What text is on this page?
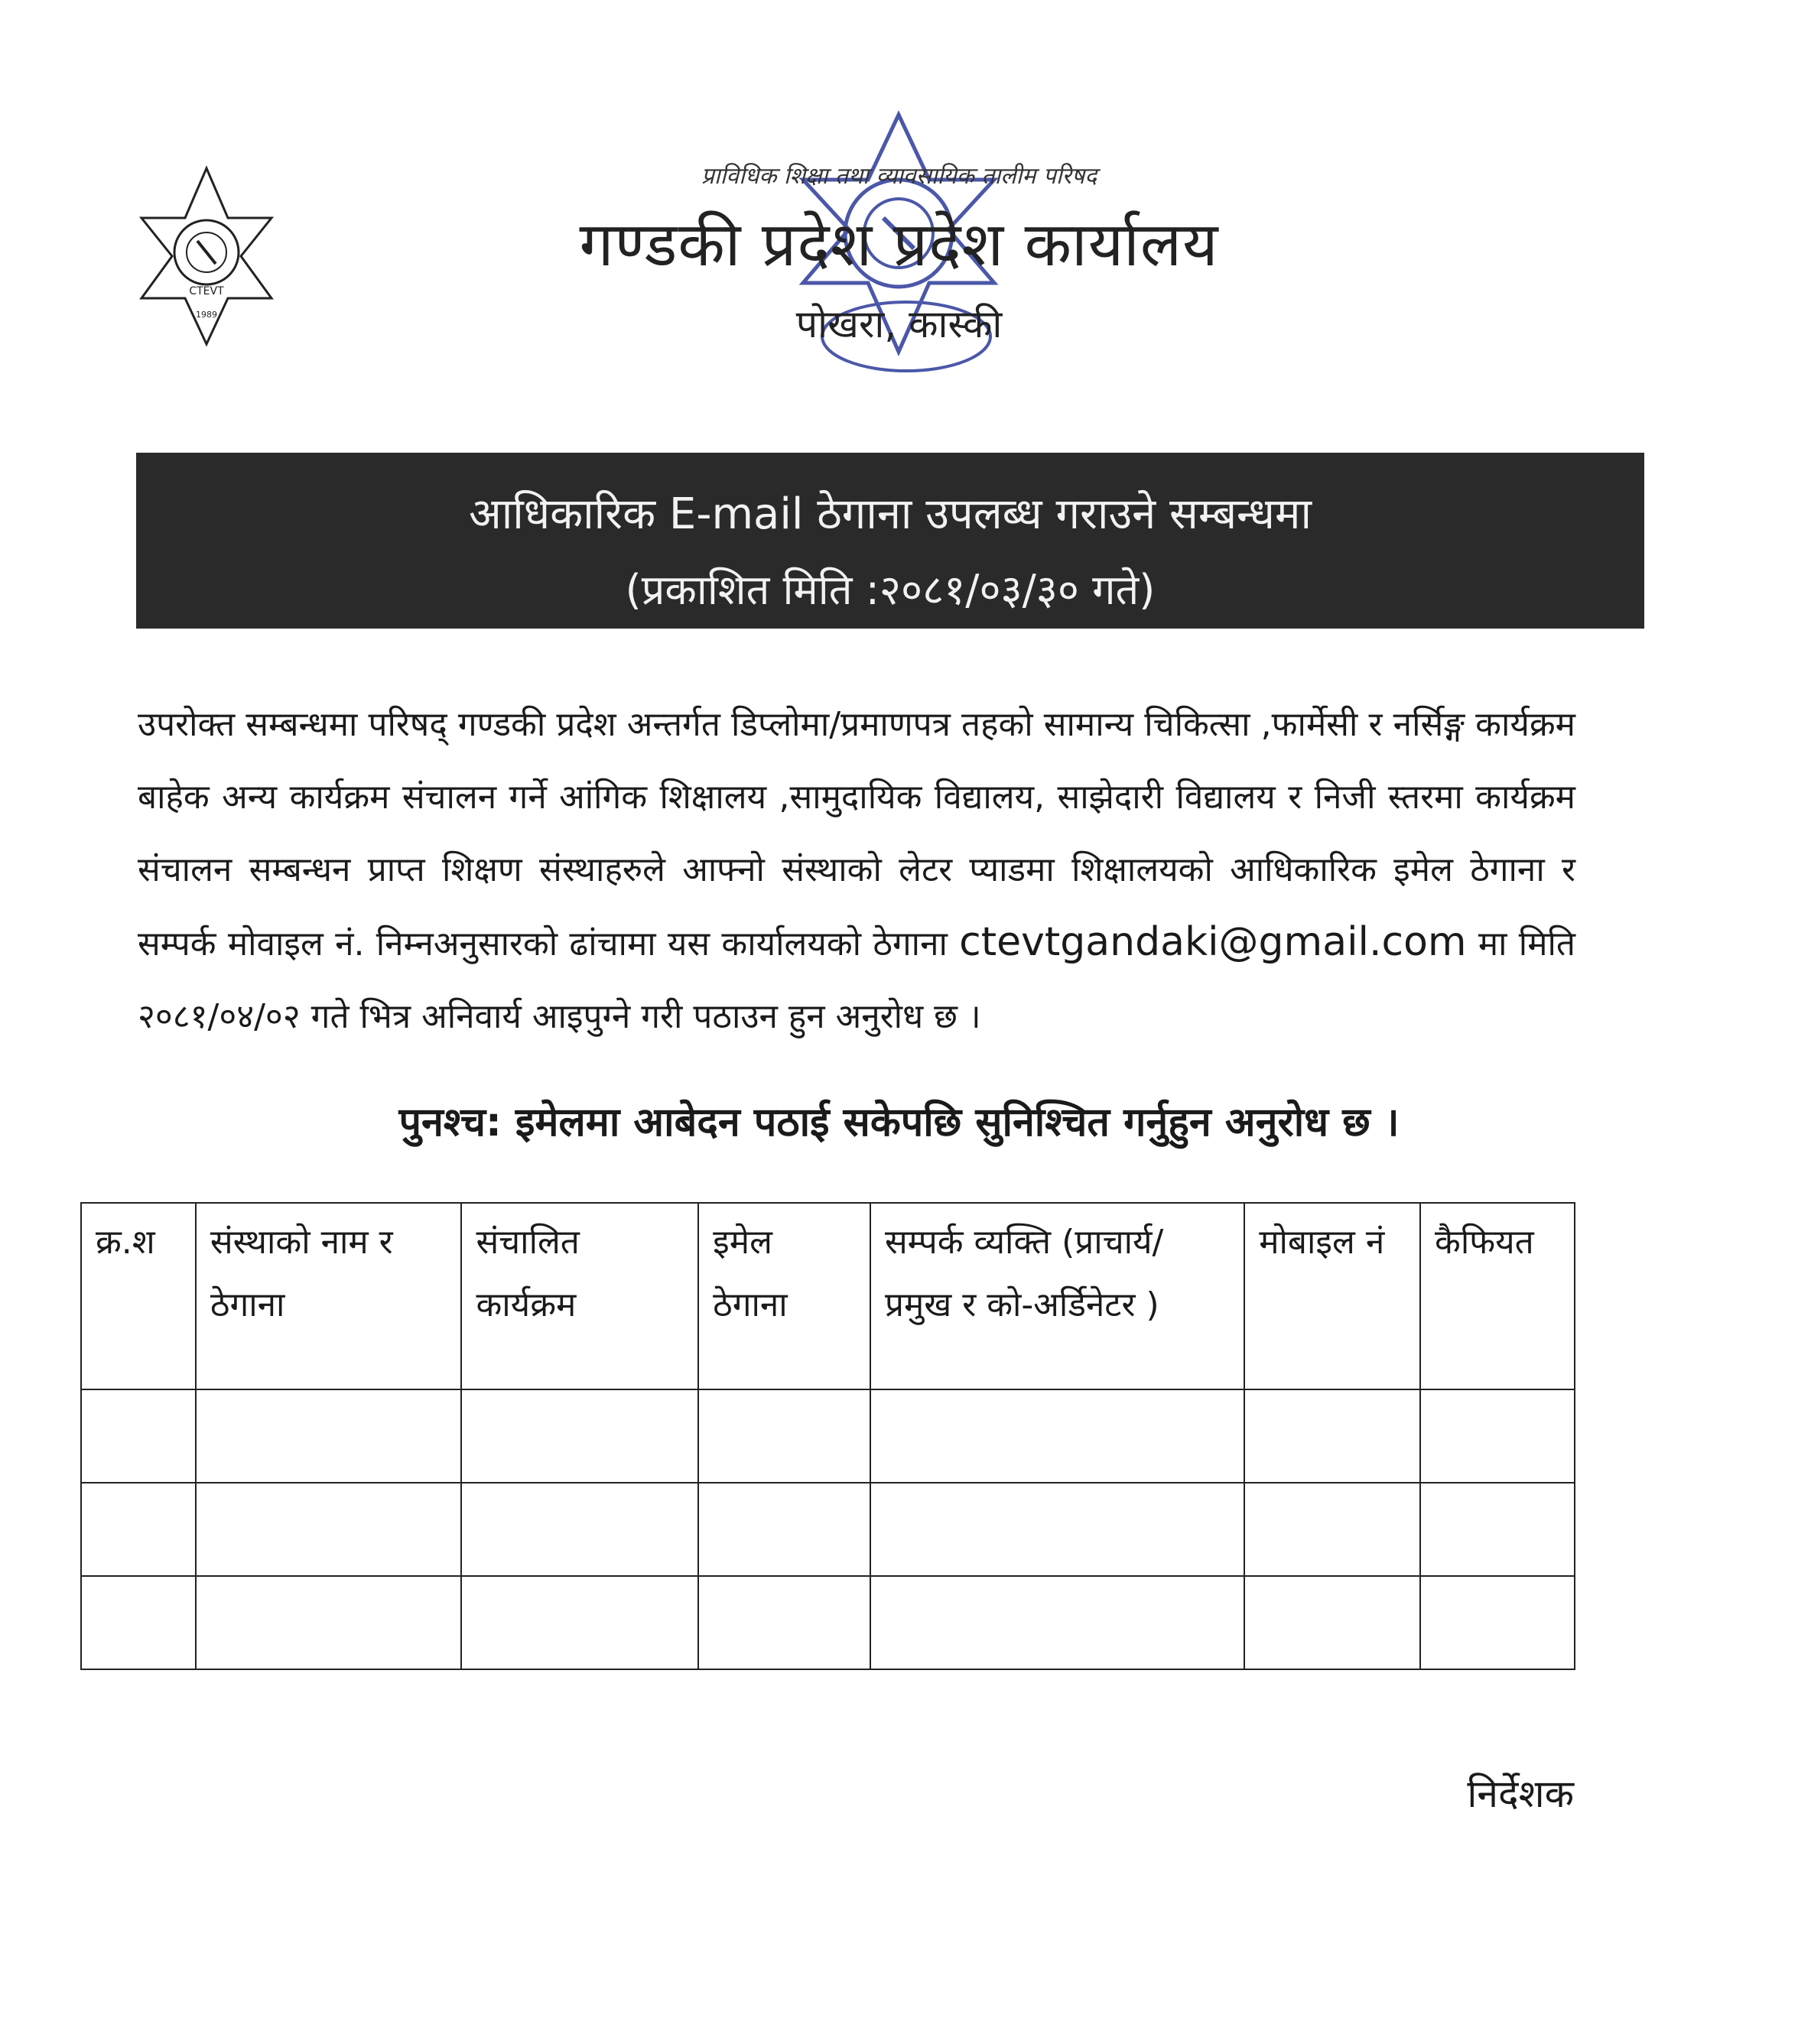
CTEVT
1989
प्राविधिक शिक्षा तथा व्यावसायिक तालीम परिषद
गण्डकी प्रदेश प्रदेश कार्यालय
पोखरा, कास्की
आधिकारिक E-mail ठेगाना उपलब्ध गराउने सम्बन्धमा
(प्रकाशित मिति :२०८१/०३/३० गते)
उपरोक्त सम्बन्धमा परिषद् गण्डकी प्रदेश अन्तर्गत डिप्लोमा/प्रमाणपत्र तहको सामान्य चिकित्सा ,फार्मेसी र नर्सिङ्ग कार्यक्रम बाहेक अन्य कार्यक्रम संचालन गर्ने आंगिक शिक्षालय ,सामुदायिक विद्यालय, साझेदारी विद्यालय र निजी स्तरमा कार्यक्रम संचालन सम्बन्धन प्राप्त शिक्षण संस्थाहरुले आफ्नो संस्थाको लेटर प्याडमा शिक्षालयको आधिकारिक इमेल ठेगाना र सम्पर्क मोवाइल नं. निम्नअनुसारको ढांचामा यस कार्यालयको ठेगाना ctevtgandaki@gmail.com मा मिति २०८१/०४/०२ गते भित्र अनिवार्य आइपुग्ने गरी पठाउन हुन अनुरोध छ ।
पुनश्च: इमेलमा आबेदन पठाई सकेपछि सुनिश्चित गर्नुहुन अनुरोध छ ।
क्र.श	संस्थाको नाम र ठेगाना	संचालित कार्यक्रम	इमेल ठेगाना	सम्पर्क व्यक्ति (प्राचार्य/प्रमुख र को-अर्डिनेटर )	मोबाइल नं	कैफियत

निर्देशक
